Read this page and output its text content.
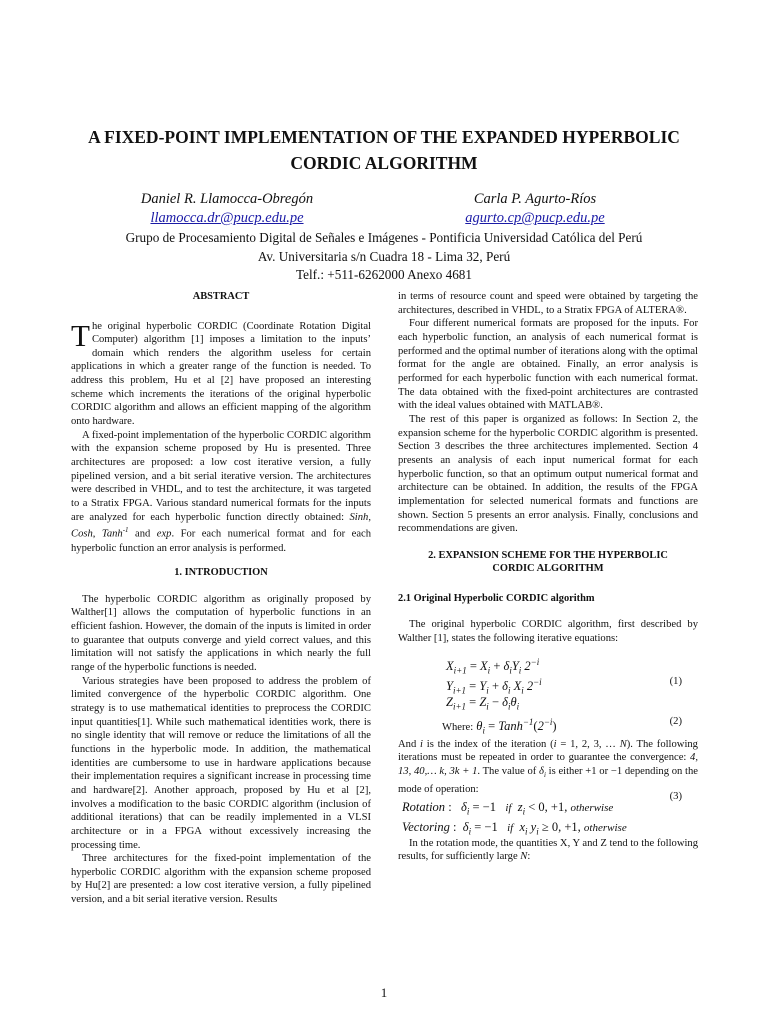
A FIXED-POINT IMPLEMENTATION OF THE EXPANDED HYPERBOLIC CORDIC ALGORITHM
Daniel R. Llamocca-Obregón
llamocca.dr@pucp.edu.pe
Carla P. Agurto-Ríos
agurto.cp@pucp.edu.pe
Grupo de Procesamiento Digital de Señales e Imágenes - Pontificia Universidad Católica del Perú
Av. Universitaria s/n Cuadra 18 - Lima 32, Perú
Telf.: +511-6262000 Anexo 4681
ABSTRACT

The original hyperbolic CORDIC (Coordinate Rotation Digital Computer) algorithm [1] imposes a limitation to the inputs’ domain which renders the algorithm useless for certain applications in which a greater range of the function is needed. To address this problem, Hu et al [2] have proposed an interesting scheme which increments the iterations of the original hyperbolic CORDIC algorithm and allows an efficient mapping of the algorithm onto hardware.

A fixed-point implementation of the hyperbolic CORDIC algorithm with the expansion scheme proposed by Hu is presented. Three architectures are proposed: a low cost iterative version, a fully pipelined version, and a bit serial iterative version. The architectures were described in VHDL, and to test the architecture, it was targeted to a Stratix FPGA. Various standard numerical formats for the inputs are analyzed for each hyperbolic function directly obtained: Sinh, Cosh, Tanh$^{-1}$ and exp. For each numerical format and for each hyperbolic function an error analysis is performed.

1. INTRODUCTION

The hyperbolic CORDIC algorithm as originally proposed by Walther[1] allows the computation of hyperbolic functions in an efficient fashion. However, the domain of the inputs is limited in order to guarantee that outputs converge and yield correct values, and this limitation will not satisfy the applications in which nearly the full range of the hyperbolic functions is needed.

Various strategies have been proposed to address the problem of limited convergence of the hyperbolic CORDIC algorithm. One strategy is to use mathematical identities to preprocess the CORDIC input quantities[1]. While such mathematical identities work, there is no single identity that will remove or reduce the limitations of all the functions in the hyperbolic mode. In addition, the mathematical identities are cumbersome to use in hardware applications because their implementation requires a significant increase in processing time and hardware[2]. Another approach, proposed by Hu et al [2], involves a modification to the basic CORDIC algorithm (inclusion of additional iterations) that can be readily implemented in a VLSI architecture or in a FPGA without excessively increasing the processing time.

Three architectures for the fixed-point implementation of the hyperbolic CORDIC algorithm with the expansion scheme proposed by Hu[2] are presented: a low cost iterative version, a fully pipelined version, and a bit serial iterative version. Results

in terms of resource count and speed were obtained by targeting the architectures, described in VHDL, to a Stratix FPGA of ALTERA®.

Four different numerical formats are proposed for the inputs. For each hyperbolic function, an analysis of each numerical format is performed and the optimal number of iterations along with the optimal format for the angle are obtained. Finally, an error analysis is performed for each hyperbolic function with each numerical format. The data obtained with the fixed-point architectures are contrasted with the ideal values obtained with MATLAB®.

The rest of this paper is organized as follows: In Section 2, the expansion scheme for the hyperbolic CORDIC algorithm is presented. Section 3 describes the three architectures implemented. Section 4 presents an analysis of each input numerical format for each hyperbolic function, so that an optimum output numerical format and architecture can be obtained. In addition, the results of the FPGA implementation for selected numerical formats and functions are shown. Section 5 presents an error analysis. Finally, conclusions and recommendations are given.

2. EXPANSION SCHEME FOR THE HYPERBOLIC
CORDIC ALGORITHM
2.1 Original Hyperbolic CORDIC algorithm

The original hyperbolic CORDIC algorithm, first described by Walther [1], states the following iterative equations:

$X_{i+1} = X_i + \delta_iY_i$ $2^{-i}$
$Y_{i+1} = Y_i + \delta_i$ $X_i$ $2^{-i}$	(1)
$Z_{i+1} = Z_i - \delta_i\theta_i$
Where: $\theta_i$ = $Tanh^{-1}(2^{-i})$	(2)

And i is the index of the iteration (i = 1, 2, 3, … N). The following iterations must be repeated in order to guarantee the convergence: 4, 13, 40,… k, 3k + 1. The value of $\delta_i$ is either +1 or −1 depending on the mode of operation:

Rotation :   $\delta_i = -1$ if  $z_i < 0$, +1, otherwise
Vectoring :  $\delta_i = -1$ if  $x_i$ $y_i \ge 0$, +1, otherwise
(3)

In the rotation mode, the quantities X, Y and Z tend to the following results, for sufficiently large N:

1
